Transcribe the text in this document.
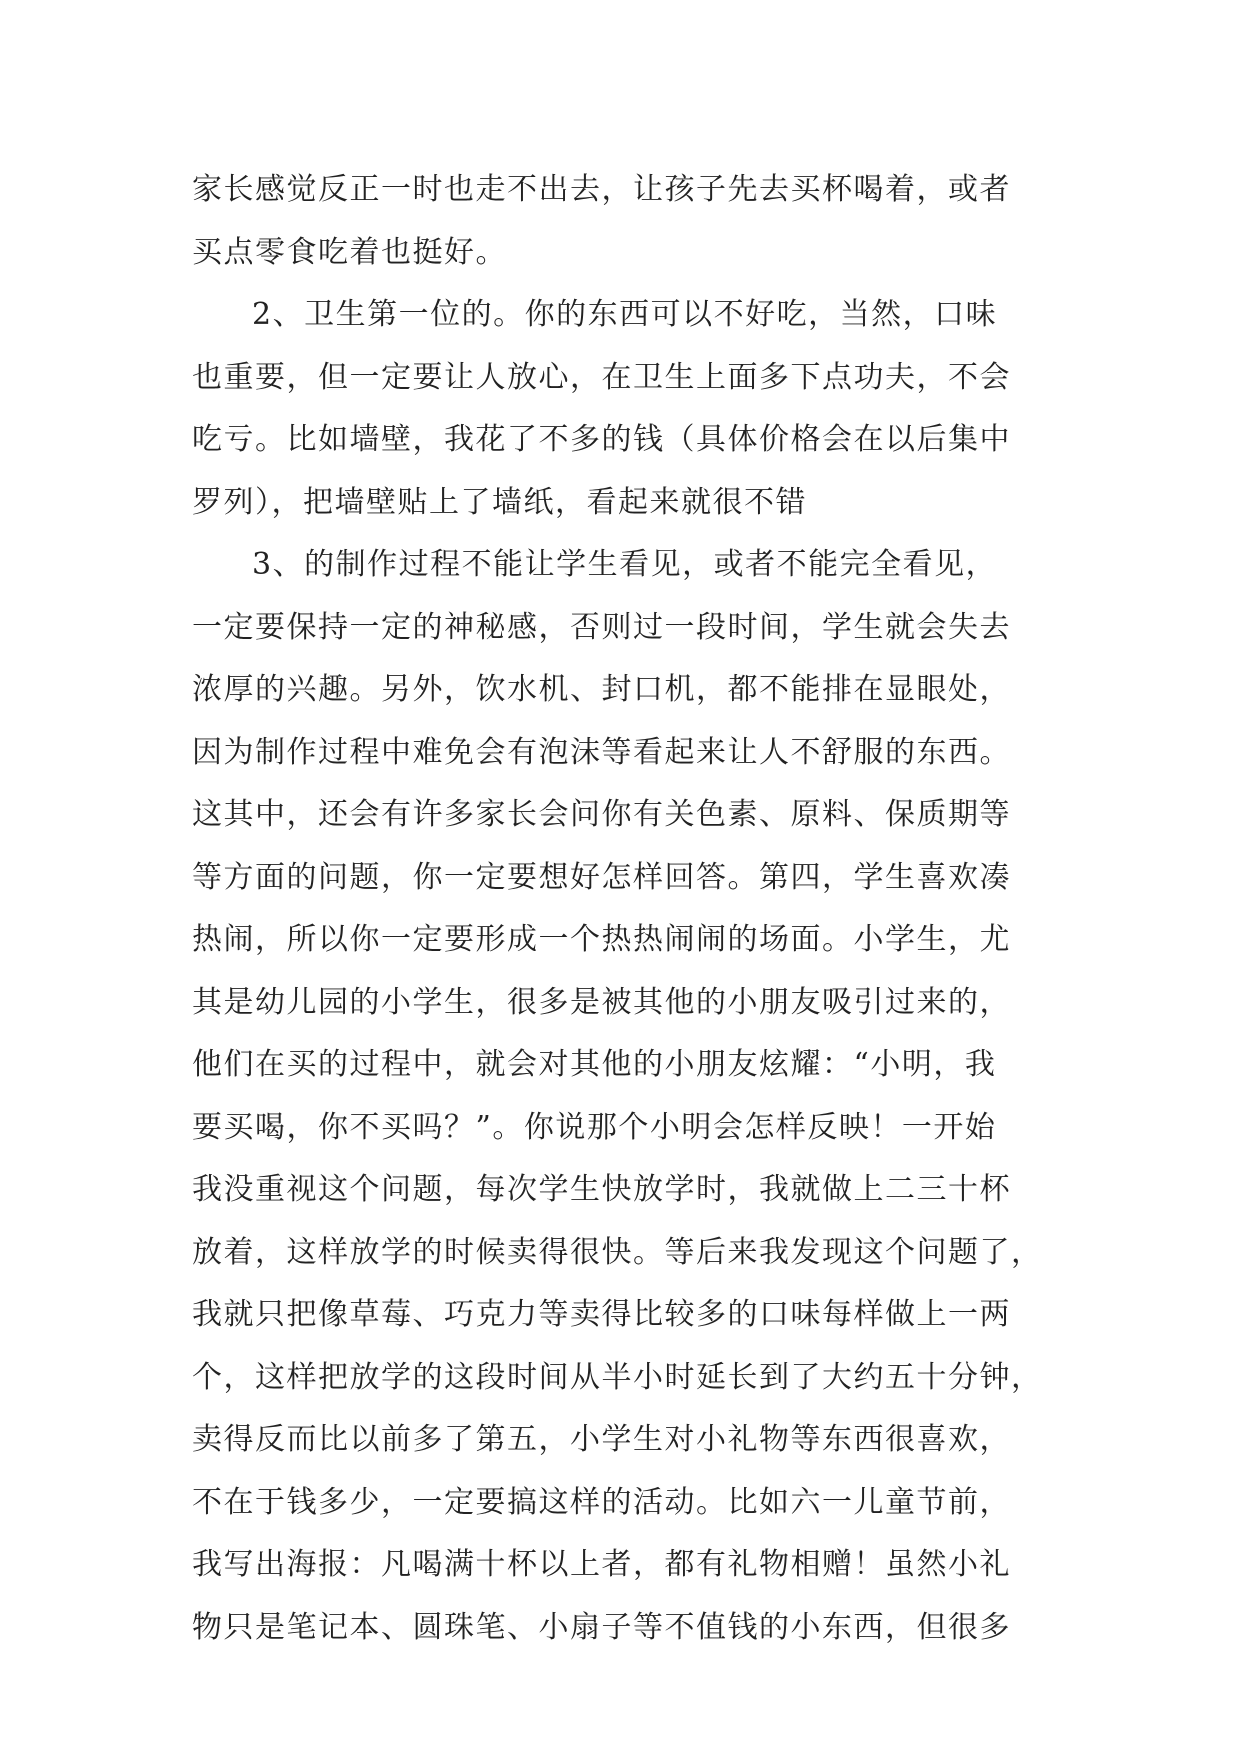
家长感觉反正一时也走不出去，让孩子先去买杯喝着，或者
买点零食吃着也挺好。
2、卫生第一位的。你的东西可以不好吃，当然，口味
也重要，但一定要让人放心，在卫生上面多下点功夫，不会
吃亏。比如墙壁，我花了不多的钱（具体价格会在以后集中
罗列），把墙壁贴上了墙纸，看起来就很不错
3、的制作过程不能让学生看见，或者不能完全看见，
一定要保持一定的神秘感，否则过一段时间，学生就会失去
浓厚的兴趣。另外，饮水机、封口机，都不能排在显眼处，
因为制作过程中难免会有泡沫等看起来让人不舒服的东西。
这其中，还会有许多家长会问你有关色素、原料、保质期等
等方面的问题，你一定要想好怎样回答。第四，学生喜欢凑
热闹，所以你一定要形成一个热热闹闹的场面。小学生，尤
其是幼儿园的小学生，很多是被其他的小朋友吸引过来的，
他们在买的过程中，就会对其他的小朋友炫耀：“小明，我
要买喝，你不买吗？”。你说那个小明会怎样反映！一开始
我没重视这个问题，每次学生快放学时，我就做上二三十杯
放着，这样放学的时候卖得很快。等后来我发现这个问题了，
我就只把像草莓、巧克力等卖得比较多的口味每样做上一两
个，这样把放学的这段时间从半小时延长到了大约五十分钟，
卖得反而比以前多了第五，小学生对小礼物等东西很喜欢，
不在于钱多少，一定要搞这样的活动。比如六一儿童节前，
我写出海报：凡喝满十杯以上者，都有礼物相赠！虽然小礼
物只是笔记本、圆珠笔、小扇子等不值钱的小东西，但很多
